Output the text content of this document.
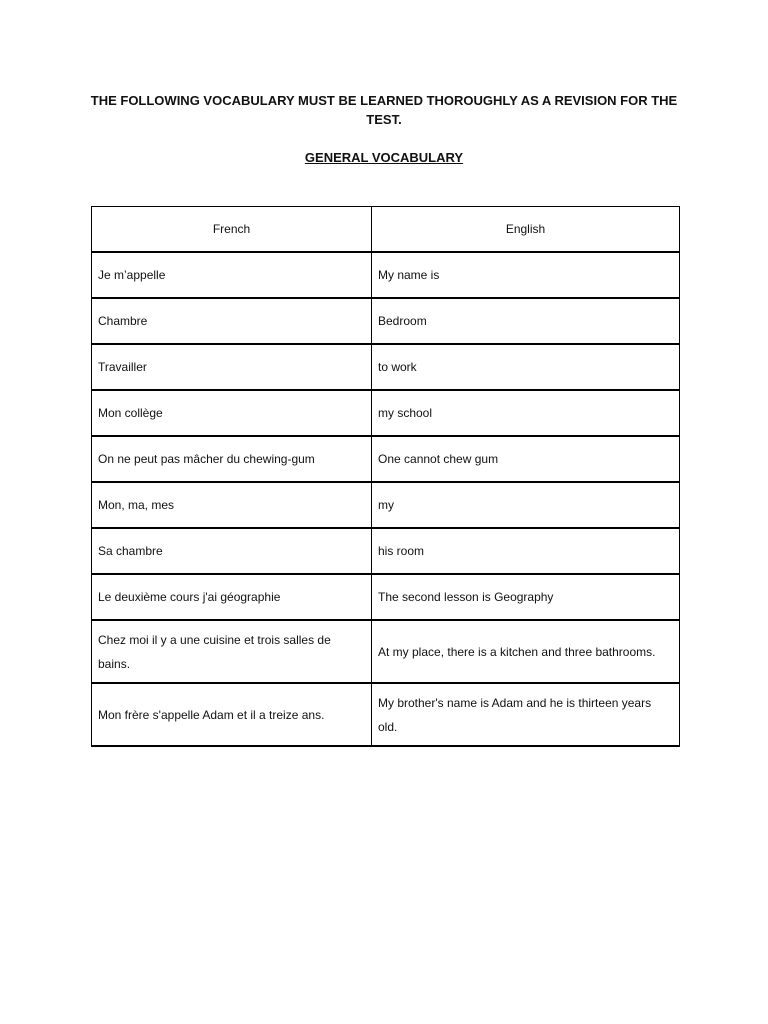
THE FOLLOWING VOCABULARY MUST BE LEARNED THOROUGHLY AS A REVISION FOR THE TEST.

GENERAL VOCABULARY

French	English
Je m’appelle	My name is
Chambre	Bedroom
Travailler	to work
Mon collège	my school
On ne peut pas mâcher du chewing-gum	One cannot chew gum
Mon, ma, mes	my
Sa chambre	his room
Le deuxième cours j'ai géographie	The second lesson is Geography
Chez moi il y a une cuisine et trois salles de bains.	At my place, there is a kitchen and three bathrooms.
Mon frère s'appelle Adam et il a treize ans.	My brother's name is Adam and he is thirteen years old.
